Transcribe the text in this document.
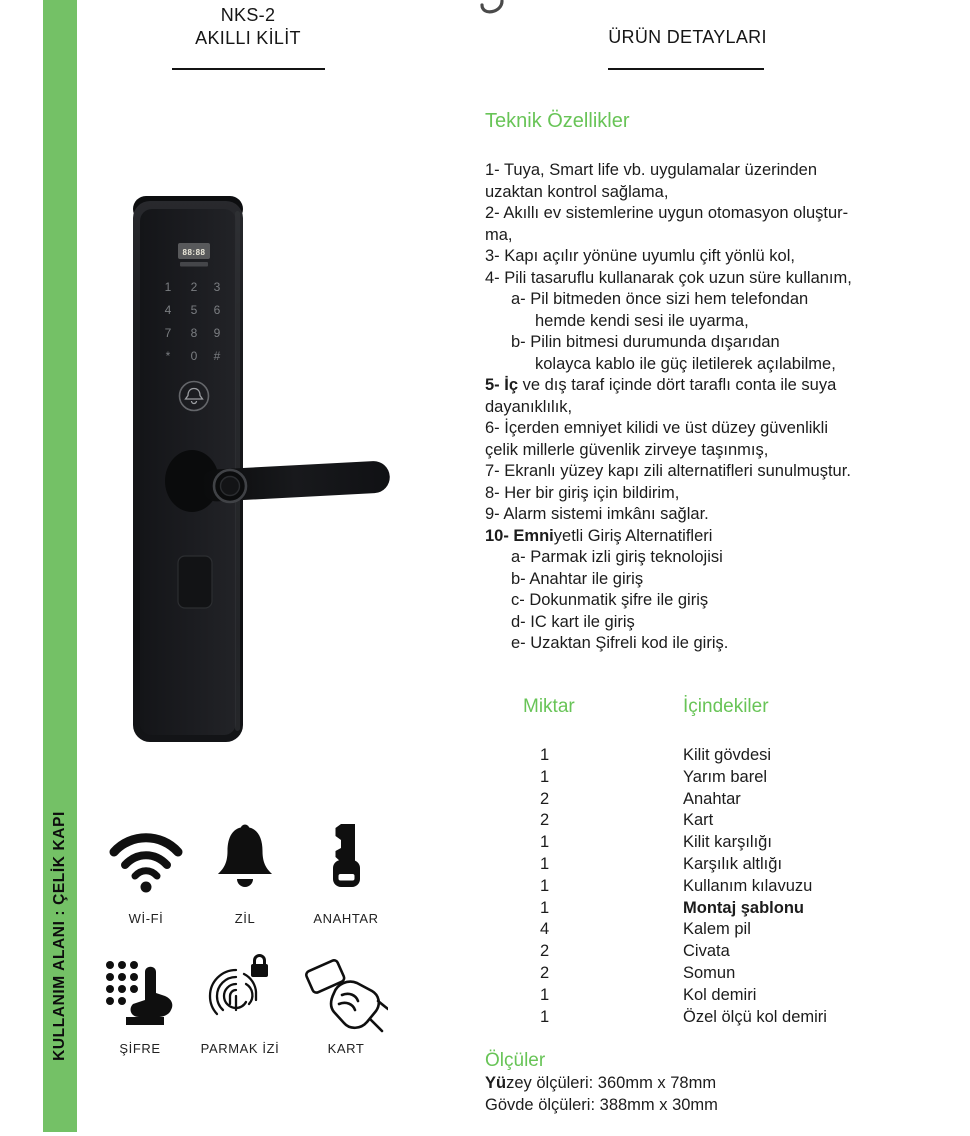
KULLANIM ALANI : ÇELİK KAPI
NKS-2
AKILLI KİLİT	ÜRÜN DETAYLARI
88:88
1 2 3
4 5 6
7 8 9
* 0 #
Teknik Özellikler
1- Tuya, Smart life vb. uygulamalar üzerinden
uzaktan kontrol sağlama,
2- Akıllı ev sistemlerine uygun otomasyon oluştur-
ma,
3- Kapı açılır yönüne uyumlu çift yönlü kol,
4- Pili tasaruflu kullanarak çok uzun süre kullanım,
a- Pil bitmeden önce sizi hem telefondan
hemde kendi sesi ile uyarma,
b- Pilin bitmesi durumunda dışarıdan
kolayca kablo ile güç iletilerek açılabilme,
5- İç ve dış taraf içinde dört taraflı conta ile suya
dayanıklılık,
6- İçerden emniyet kilidi ve üst düzey güvenlikli
çelik millerle güvenlik zirveye taşınmış,
7- Ekranlı yüzey kapı zili alternatifleri sunulmuştur.
8- Her bir giriş için bildirim,
9- Alarm sistemi imkânı sağlar.
10- Emniyetli Giriş Alternatifleri
a- Parmak izli giriş teknolojisi
b- Anahtar ile giriş
c- Dokunmatik şifre ile giriş
d- IC kart ile giriş
e- Uzaktan Şifreli kod ile giriş.
Miktar	İçindekiler
1	Kilit gövdesi
1	Yarım barel
2	Anahtar
2	Kart
1	Kilit karşılığı
1	Karşılık altlığı
1	Kullanım kılavuzu
1	Montaj şablonu
4	Kalem pil
2	Civata
2	Somun
1	Kol demiri
1	Özel ölçü kol demiri
Ölçüler
Yüzey ölçüleri: 360mm x 78mm
Gövde ölçüleri: 388mm x 30mm
Wİ-Fİ	ZİL	ANAHTAR
ŞİFRE	PARMAK İZİ	KART
